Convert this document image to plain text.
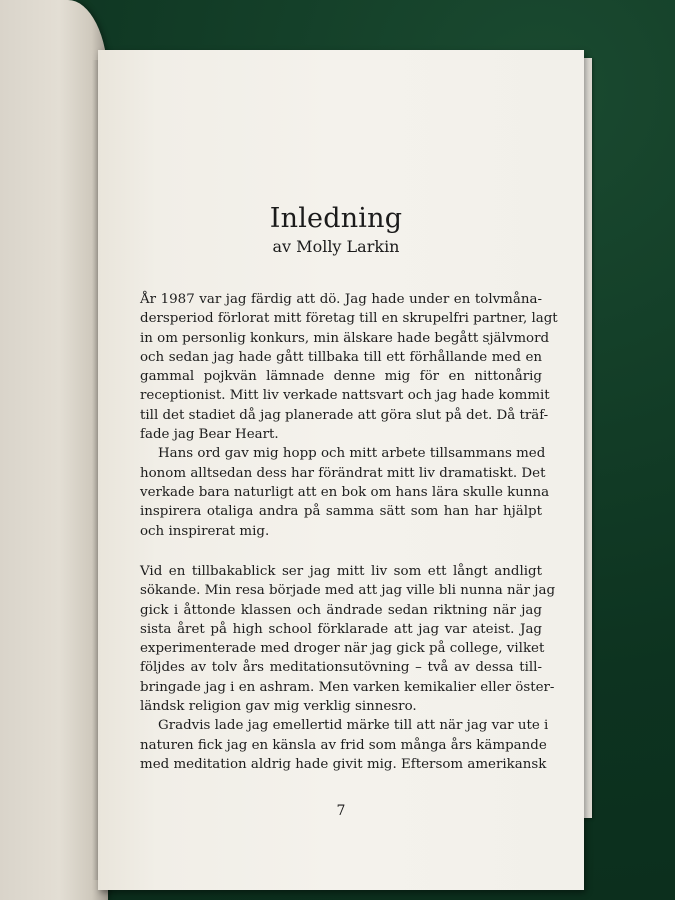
Inledning
av Molly Larkin
År 1987 var jag färdig att dö. Jag hade under en tolvmåna-
dersperiod förlorat mitt företag till en skrupelfri partner, lagt
in om personlig konkurs, min älskare hade begått självmord
och sedan jag hade gått tillbaka till ett förhållande med en
gammal pojkvän lämnade denne mig för en nittonårig
receptionist. Mitt liv verkade nattsvart och jag hade kommit
till det stadiet då jag planerade att göra slut på det. Då träf-
fade jag Bear Heart.
Hans ord gav mig hopp och mitt arbete tillsammans med
honom alltsedan dess har förändrat mitt liv dramatiskt. Det
verkade bara naturligt att en bok om hans lära skulle kunna
inspirera otaliga andra på samma sätt som han har hjälpt
och inspirerat mig.
Vid en tillbakablick ser jag mitt liv som ett långt andligt
sökande. Min resa började med att jag ville bli nunna när jag
gick i åttonde klassen och ändrade sedan riktning när jag
sista året på high school förklarade att jag var ateist. Jag
experimenterade med droger när jag gick på college, vilket
följdes av tolv års meditationsutövning – två av dessa till-
bringade jag i en ashram. Men varken kemikalier eller öster-
ländsk religion gav mig verklig sinnesro.
Gradvis lade jag emellertid märke till att när jag var ute i
naturen fick jag en känsla av frid som många års kämpande
med meditation aldrig hade givit mig. Eftersom amerikansk
7
